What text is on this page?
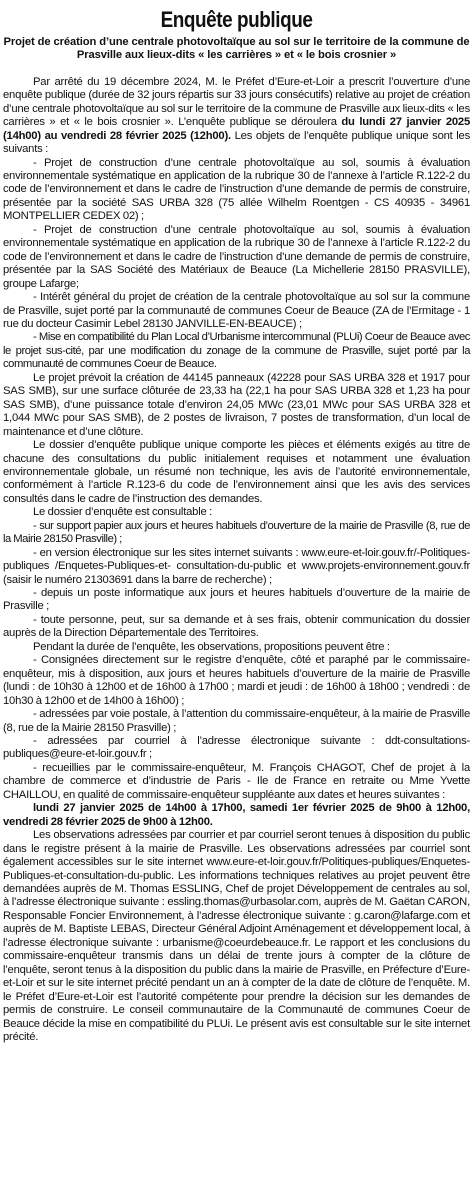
Enquête publique
Projet de création d’une centrale photovoltaïque au sol sur le territoire de la commune de Prasville aux lieux-dits « les carrières » et « le bois crosnier »

Par arrêté du 19 décembre 2024, M. le Préfet d’Eure-et-Loir a prescrit l’ouverture d’une enquête publique (durée de 32 jours répartis sur 33 jours consécutifs) relative au projet de création d’une centrale photovoltaïque au sol sur le territoire de la commune de Prasville aux lieux-dits « les carrières » et « le bois crosnier ». L’enquête publique se déroulera du lundi 27 janvier 2025 (14h00) au vendredi 28 février 2025 (12h00). Les objets de l’enquête publique unique sont les suivants :

- Projet de construction d’une centrale photovoltaïque au sol, soumis à évaluation environnementale systématique en application de la rubrique 30 de l’annexe à l’article R.122-2 du code de l’environnement et dans le cadre de l’instruction d’une demande de permis de construire, présentée par la société SAS URBA 328 (75 allée Wilhelm Roentgen - CS 40935 - 34961 MONTPELLIER CEDEX 02) ;

- Projet de construction d’une centrale photovoltaïque au sol, soumis à évaluation environnementale systématique en application de la rubrique 30 de l’annexe à l’article R.122-2 du code de l’environnement et dans le cadre de l’instruction d’une demande de permis de construire, présentée par la SAS Société des Matériaux de Beauce (La Michellerie 28150 PRASVILLE), groupe Lafarge;

- Intérêt général du projet de création de la centrale photovoltaïque au sol sur la commune de Prasville, sujet porté par la communauté de communes Coeur de Beauce (ZA de l’Ermitage - 1 rue du docteur Casimir Lebel 28130 JANVILLE-EN-BEAUCE) ;

- Mise en compatibilité du Plan Local d’Urbanisme intercommunal (PLUi) Coeur de Beauce avec le projet sus-cité, par une modification du zonage de la commune de Prasville, sujet porté par la communauté de communes Coeur de Beauce.

Le projet prévoit la création de 44145 panneaux (42228 pour SAS URBA 328 et 1917 pour SAS SMB), sur une surface clôturée de 23,33 ha (22,1 ha pour SAS URBA 328 et 1,23 ha pour SAS SMB), d’une puissance totale d’environ 24,05 MWc (23,01 MWc pour SAS URBA 328 et 1,044 MWc pour SAS SMB), de 2 postes de livraison, 7 postes de transformation, d’un local de maintenance et d’une clôture.

Le dossier d’enquête publique unique comporte les pièces et éléments exigés au titre de chacune des consultations du public initialement requises et notamment une évaluation environnementale globale, un résumé non technique, les avis de l’autorité environnementale, conformément à l’article R.123-6 du code de l’environnement ainsi que les avis des services consultés dans le cadre de l’instruction des demandes.

Le dossier d’enquête est consultable :

- sur support papier aux jours et heures habituels d’ouverture de la mairie de Prasville (8, rue de la Mairie 28150 Prasville) ;

- en version électronique sur les sites internet suivants : www.eure-et-loir.gouv.fr/-Politiques-publiques /Enquetes-Publiques-et- consultation-du-public et www.projets-environnement.gouv.fr (saisir le numéro 21303691 dans la barre de recherche) ;

- depuis un poste informatique aux jours et heures habituels d’ouverture de la mairie de Prasville ;

- toute personne, peut, sur sa demande et à ses frais, obtenir communication du dossier auprès de la Direction Départementale des Territoires.

Pendant la durée de l’enquête, les observations, propositions peuvent être :

- Consignées directement sur le registre d’enquête, côté et paraphé par le commissaire-enquêteur, mis à disposition, aux jours et heures habituels d’ouverture de la mairie de Prasville (lundi : de 10h30 à 12h00 et de 16h00 à 17h00 ; mardi et jeudi : de 16h00 à 18h00 ; vendredi : de 10h30 à 12h00 et de 14h00 à 16h00) ;

- adressées par voie postale, à l’attention du commissaire-enquêteur, à la mairie de Prasville (8, rue de la Mairie 28150 Prasville) ;

- adressées par courriel à l’adresse électronique suivante : ddt-consultations-publiques@eure-et-loir.gouv.fr ;

- recueillies par le commissaire-enquêteur, M. François CHAGOT, Chef de projet à la chambre de commerce et d’industrie de Paris - Ile de France en retraite ou Mme Yvette CHAILLOU, en qualité de commissaire-enquêteur suppléante aux dates et heures suivantes :

lundi 27 janvier 2025 de 14h00 à 17h00, samedi 1er février 2025 de 9h00 à 12h00, vendredi 28 février 2025 de 9h00 à 12h00.

Les observations adressées par courrier et par courriel seront tenues à disposition du public dans le registre présent à la mairie de Prasville. Les observations adressées par courriel sont également accessibles sur le site internet www.eure-et-loir.gouv.fr/Politiques-publiques/Enquetes-Publiques-et-consultation-du-public. Les informations techniques relatives au projet peuvent être demandées auprès de M. Thomas ESSLING, Chef de projet Développement de centrales au sol, à l’adresse électronique suivante : essling.thomas@urbasolar.com, auprès de M. Gaëtan CARON, Responsable Foncier Environnement, à l’adresse électronique suivante : g.caron@lafarge.com et auprès de M. Baptiste LEBAS, Directeur Général Adjoint Aménagement et développement local, à l’adresse électronique suivante : urbanisme@coeurdebeauce.fr. Le rapport et les conclusions du commissaire-enquêteur transmis dans un délai de trente jours à compter de la clôture de l’enquête, seront tenus à la disposition du public dans la mairie de Prasville, en Préfecture d’Eure- et-Loir et sur le site internet précité pendant un an à compter de la date de clôture de l’enquête. M. le Préfet d’Eure-et-Loir est l’autorité compétente pour prendre la décision sur les demandes de permis de construire. Le conseil communautaire de la Communauté de communes Coeur de Beauce décide la mise en compatibilité du PLUi. Le présent avis est consultable sur le site internet précité.
